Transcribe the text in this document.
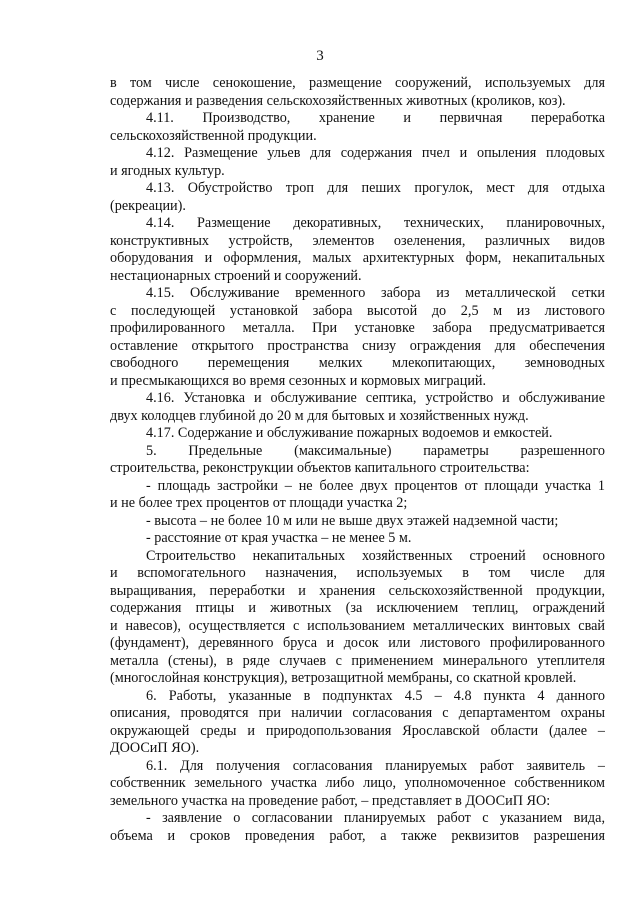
3
в том числе сенокошение, размещение сооружений, используемых для
содержания и разведения сельскохозяйственных животных (кроликов, коз).
4.11. Производство, хранение и первичная переработка
сельскохозяйственной продукции.
4.12. Размещение ульев для содержания пчел и опыления плодовых
и ягодных культур.
4.13. Обустройство троп для пеших прогулок, мест для отдыха
(рекреации).
4.14. Размещение декоративных, технических, планировочных,
конструктивных устройств, элементов озеленения, различных видов
оборудования и оформления, малых архитектурных форм, некапитальных
нестационарных строений и сооружений.
4.15. Обслуживание временного забора из металлической сетки
с последующей установкой забора высотой до 2,5 м из листового
профилированного металла. При установке забора предусматривается
оставление открытого пространства снизу ограждения для обеспечения
свободного перемещения мелких млекопитающих, земноводных
и пресмыкающихся во время сезонных и кормовых миграций.
4.16. Установка и обслуживание септика, устройство и обслуживание
двух колодцев глубиной до 20 м для бытовых и хозяйственных нужд.
4.17. Содержание и обслуживание пожарных водоемов и емкостей.
5. Предельные (максимальные) параметры разрешенного
строительства, реконструкции объектов капитального строительства:
- площадь застройки – не более двух процентов от площади участка 1
и не более трех процентов от площади участка 2;
- высота – не более 10 м или не выше двух этажей надземной части;
- расстояние от края участка – не менее 5 м.
Строительство некапитальных хозяйственных строений основного
и вспомогательного назначения, используемых в том числе для
выращивания, переработки и хранения сельскохозяйственной продукции,
содержания птицы и животных (за исключением теплиц, ограждений
и навесов), осуществляется с использованием металлических винтовых свай
(фундамент), деревянного бруса и досок или листового профилированного
металла (стены), в ряде случаев с применением минерального утеплителя
(многослойная конструкция), ветрозащитной мембраны, со скатной кровлей.
6. Работы, указанные в подпунктах 4.5 – 4.8 пункта 4 данного
описания, проводятся при наличии согласования с департаментом охраны
окружающей среды и природопользования Ярославской области (далее –
ДООСиП ЯО).
6.1. Для получения согласования планируемых работ заявитель –
собственник земельного участка либо лицо, уполномоченное собственником
земельного участка на проведение работ, – представляет в ДООСиП ЯО:
- заявление о согласовании планируемых работ с указанием вида,
объема и сроков проведения работ, а также реквизитов разрешения
